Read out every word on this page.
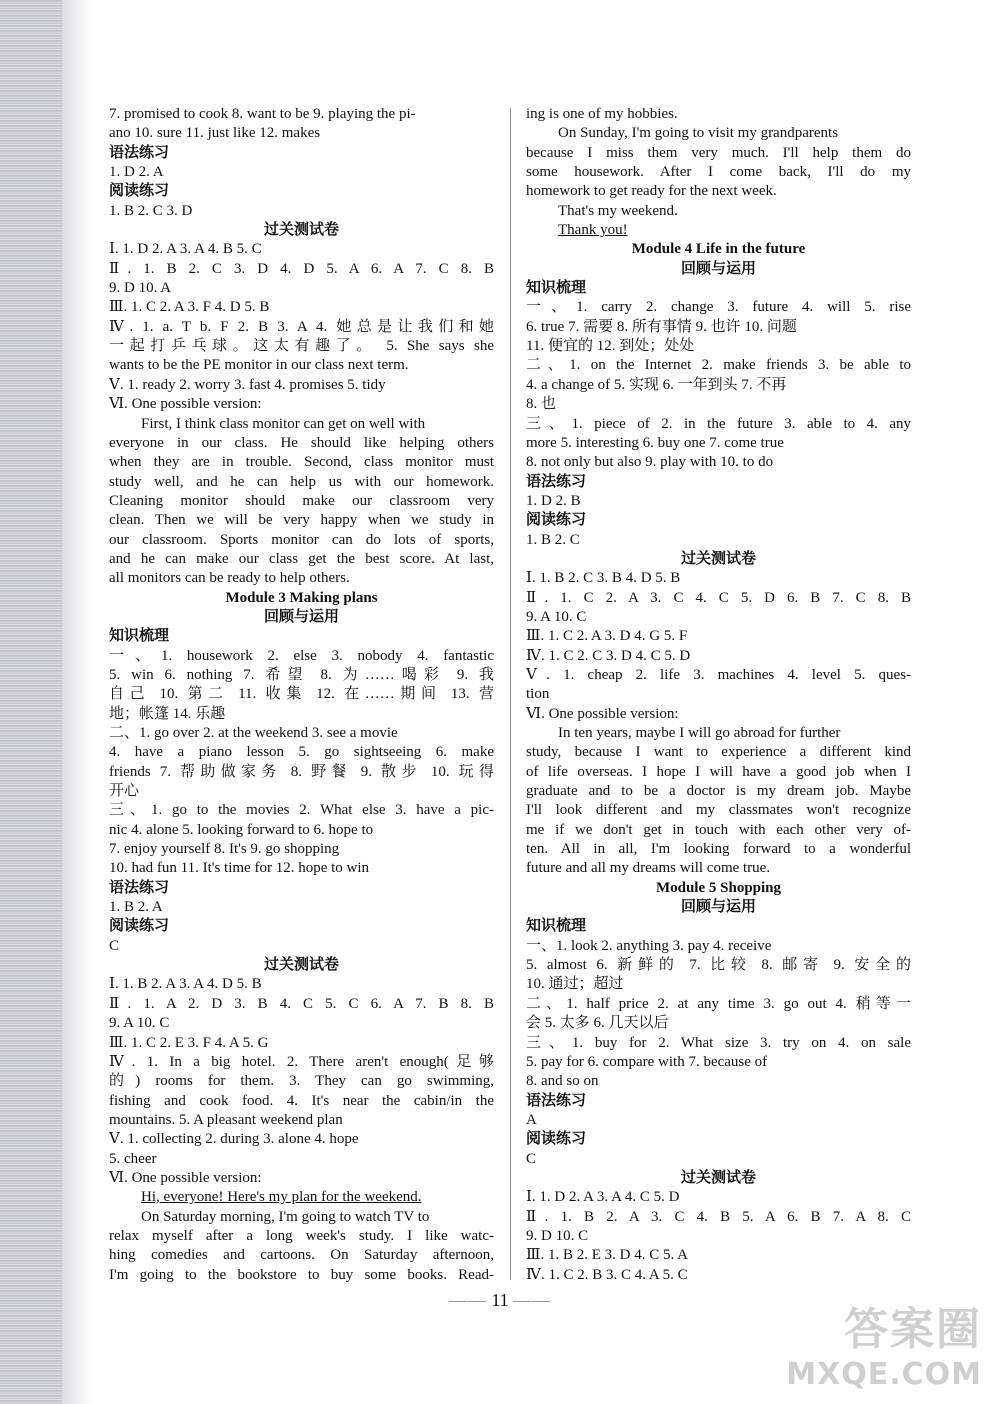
7. promised to cook 8. want to be 9. playing the pi-
ano 10. sure 11. just like 12. makes
语法练习
1. D 2. A
阅读练习
1. B 2. C 3. D
过关测试卷
Ⅰ. 1. D 2. A 3. A 4. B 5. C
Ⅱ. 1. B 2. C 3. D 4. D 5. A 6. A 7. C 8. B
9. D 10. A
Ⅲ. 1. C 2. A 3. F 4. D 5. B
Ⅳ. 1. a. T b. F 2. B 3. A 4. 她总是让我们和她
一起打乒乓球。这太有趣了。 5. She says she
wants to be the PE monitor in our class next term.
Ⅴ. 1. ready 2. worry 3. fast 4. promises 5. tidy
Ⅵ. One possible version:
First, I think class monitor can get on well with
everyone in our class. He should like helping others
when they are in trouble. Second, class monitor must
study well, and he can help us with our homework.
Cleaning monitor should make our classroom very
clean. Then we will be very happy when we study in
our classroom. Sports monitor can do lots of sports,
and he can make our class get the best score. At last,
all monitors can be ready to help others.
Module 3 Making plans
回顾与运用
知识梳理
一、1. housework 2. else 3. nobody 4. fantastic
5. win 6. nothing 7. 希望 8. 为……喝彩 9. 我
自己 10. 第二 11. 收集 12. 在……期间 13. 营
地；帐篷 14. 乐趣
二、1. go over 2. at the weekend 3. see a movie
4. have a piano lesson 5. go sightseeing 6. make
friends 7. 帮助做家务 8. 野餐 9. 散步 10. 玩得
开心
三、1. go to the movies 2. What else 3. have a pic-
nic 4. alone 5. looking forward to 6. hope to
7. enjoy yourself 8. It's 9. go shopping
10. had fun 11. It's time for 12. hope to win
语法练习
1. B 2. A
阅读练习
C
过关测试卷
Ⅰ. 1. B 2. A 3. A 4. D 5. B
Ⅱ. 1. A 2. D 3. B 4. C 5. C 6. A 7. B 8. B
9. A 10. C
Ⅲ. 1. C 2. E 3. F 4. A 5. G
Ⅳ. 1. In a big hotel. 2. There aren't enough(足够
的) rooms for them. 3. They can go swimming,
fishing and cook food. 4. It's near the cabin/in the
mountains. 5. A pleasant weekend plan
Ⅴ. 1. collecting 2. during 3. alone 4. hope
5. cheer
Ⅵ. One possible version:
Hi, everyone! Here's my plan for the weekend.
On Saturday morning, I'm going to watch TV to
relax myself after a long week's study. I like watc-
hing comedies and cartoons. On Saturday afternoon,
I'm going to the bookstore to buy some books. Read-
ing is one of my hobbies.
On Sunday, I'm going to visit my grandparents
because I miss them very much. I'll help them do
some housework. After I come back, I'll do my
homework to get ready for the next week.
That's my weekend.
Thank you!
Module 4 Life in the future
回顾与运用
知识梳理
一、1. carry 2. change 3. future 4. will 5. rise
6. true 7. 需要 8. 所有事情 9. 也许 10. 问题
11. 便宜的 12. 到处；处处
二、1. on the Internet 2. make friends 3. be able to
4. a change of 5. 实现 6. 一年到头 7. 不再
8. 也
三、1. piece of 2. in the future 3. able to 4. any
more 5. interesting 6. buy one 7. come true
8. not only but also 9. play with 10. to do
语法练习
1. D 2. B
阅读练习
1. B 2. C
过关测试卷
Ⅰ. 1. B 2. C 3. B 4. D 5. B
Ⅱ. 1. C 2. A 3. C 4. C 5. D 6. B 7. C 8. B
9. A 10. C
Ⅲ. 1. C 2. A 3. D 4. G 5. F
Ⅳ. 1. C 2. C 3. D 4. C 5. D
Ⅴ. 1. cheap 2. life 3. machines 4. level 5. ques-
tion
Ⅵ. One possible version:
In ten years, maybe I will go abroad for further
study, because I want to experience a different kind
of life overseas. I hope I will have a good job when I
graduate and to be a doctor is my dream job. Maybe
I'll look different and my classmates won't recognize
me if we don't get in touch with each other very of-
ten. All in all, I'm looking forward to a wonderful
future and all my dreams will come true.
Module 5 Shopping
回顾与运用
知识梳理
一、1. look 2. anything 3. pay 4. receive
5. almost 6. 新鲜的 7. 比较 8. 邮寄 9. 安全的
10. 通过；超过
二、1. half price 2. at any time 3. go out 4. 稍等一
会 5. 太多 6. 几天以后
三、1. buy for 2. What size 3. try on 4. on sale
5. pay for 6. compare with 7. because of
8. and so on
语法练习
A
阅读练习
C
过关测试卷
Ⅰ. 1. D 2. A 3. A 4. C 5. D
Ⅱ. 1. B 2. A 3. C 4. B 5. A 6. B 7. A 8. C
9. D 10. C
Ⅲ. 1. B 2. E 3. D 4. C 5. A
Ⅳ. 1. C 2. B 3. C 4. A 5. C
—— 11 ——
答案圈
MXQE.COM
